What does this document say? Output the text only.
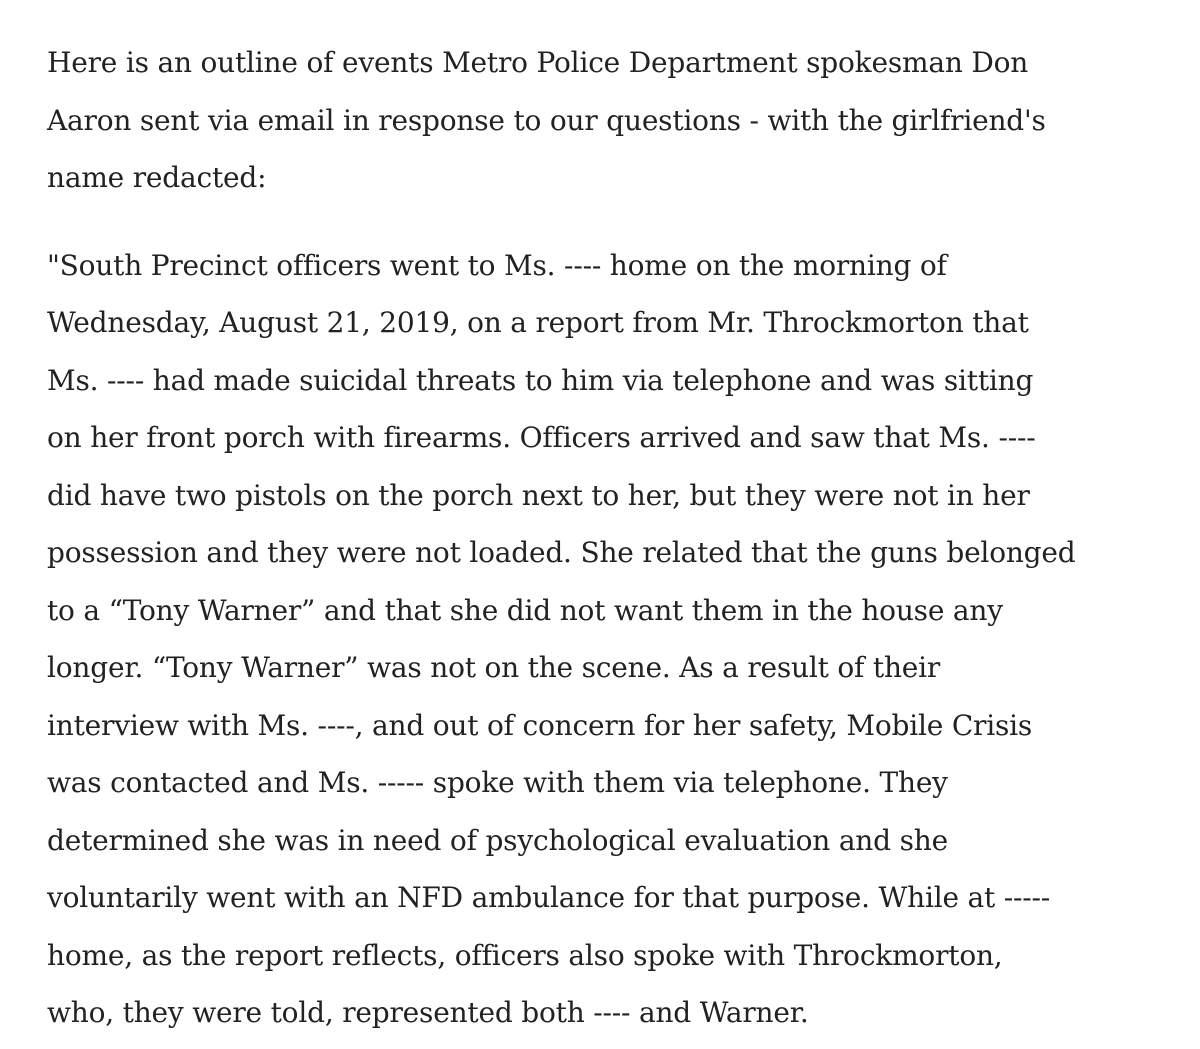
Here is an outline of events Metro Police Department spokesman Don
Aaron sent via email in response to our questions - with the girlfriend's
name redacted:

"South Precinct officers went to Ms. ---- home on the morning of
Wednesday, August 21, 2019, on a report from Mr. Throckmorton that
Ms. ---- had made suicidal threats to him via telephone and was sitting
on her front porch with firearms. Officers arrived and saw that Ms. ----
did have two pistols on the porch next to her, but they were not in her
possession and they were not loaded. She related that the guns belonged
to a “Tony Warner” and that she did not want them in the house any
longer. “Tony Warner” was not on the scene. As a result of their
interview with Ms. ----, and out of concern for her safety, Mobile Crisis
was contacted and Ms. ----- spoke with them via telephone. They
determined she was in need of psychological evaluation and she
voluntarily went with an NFD ambulance for that purpose. While at -----
home, as the report reflects, officers also spoke with Throckmorton,
who, they were told, represented both ---- and Warner.
